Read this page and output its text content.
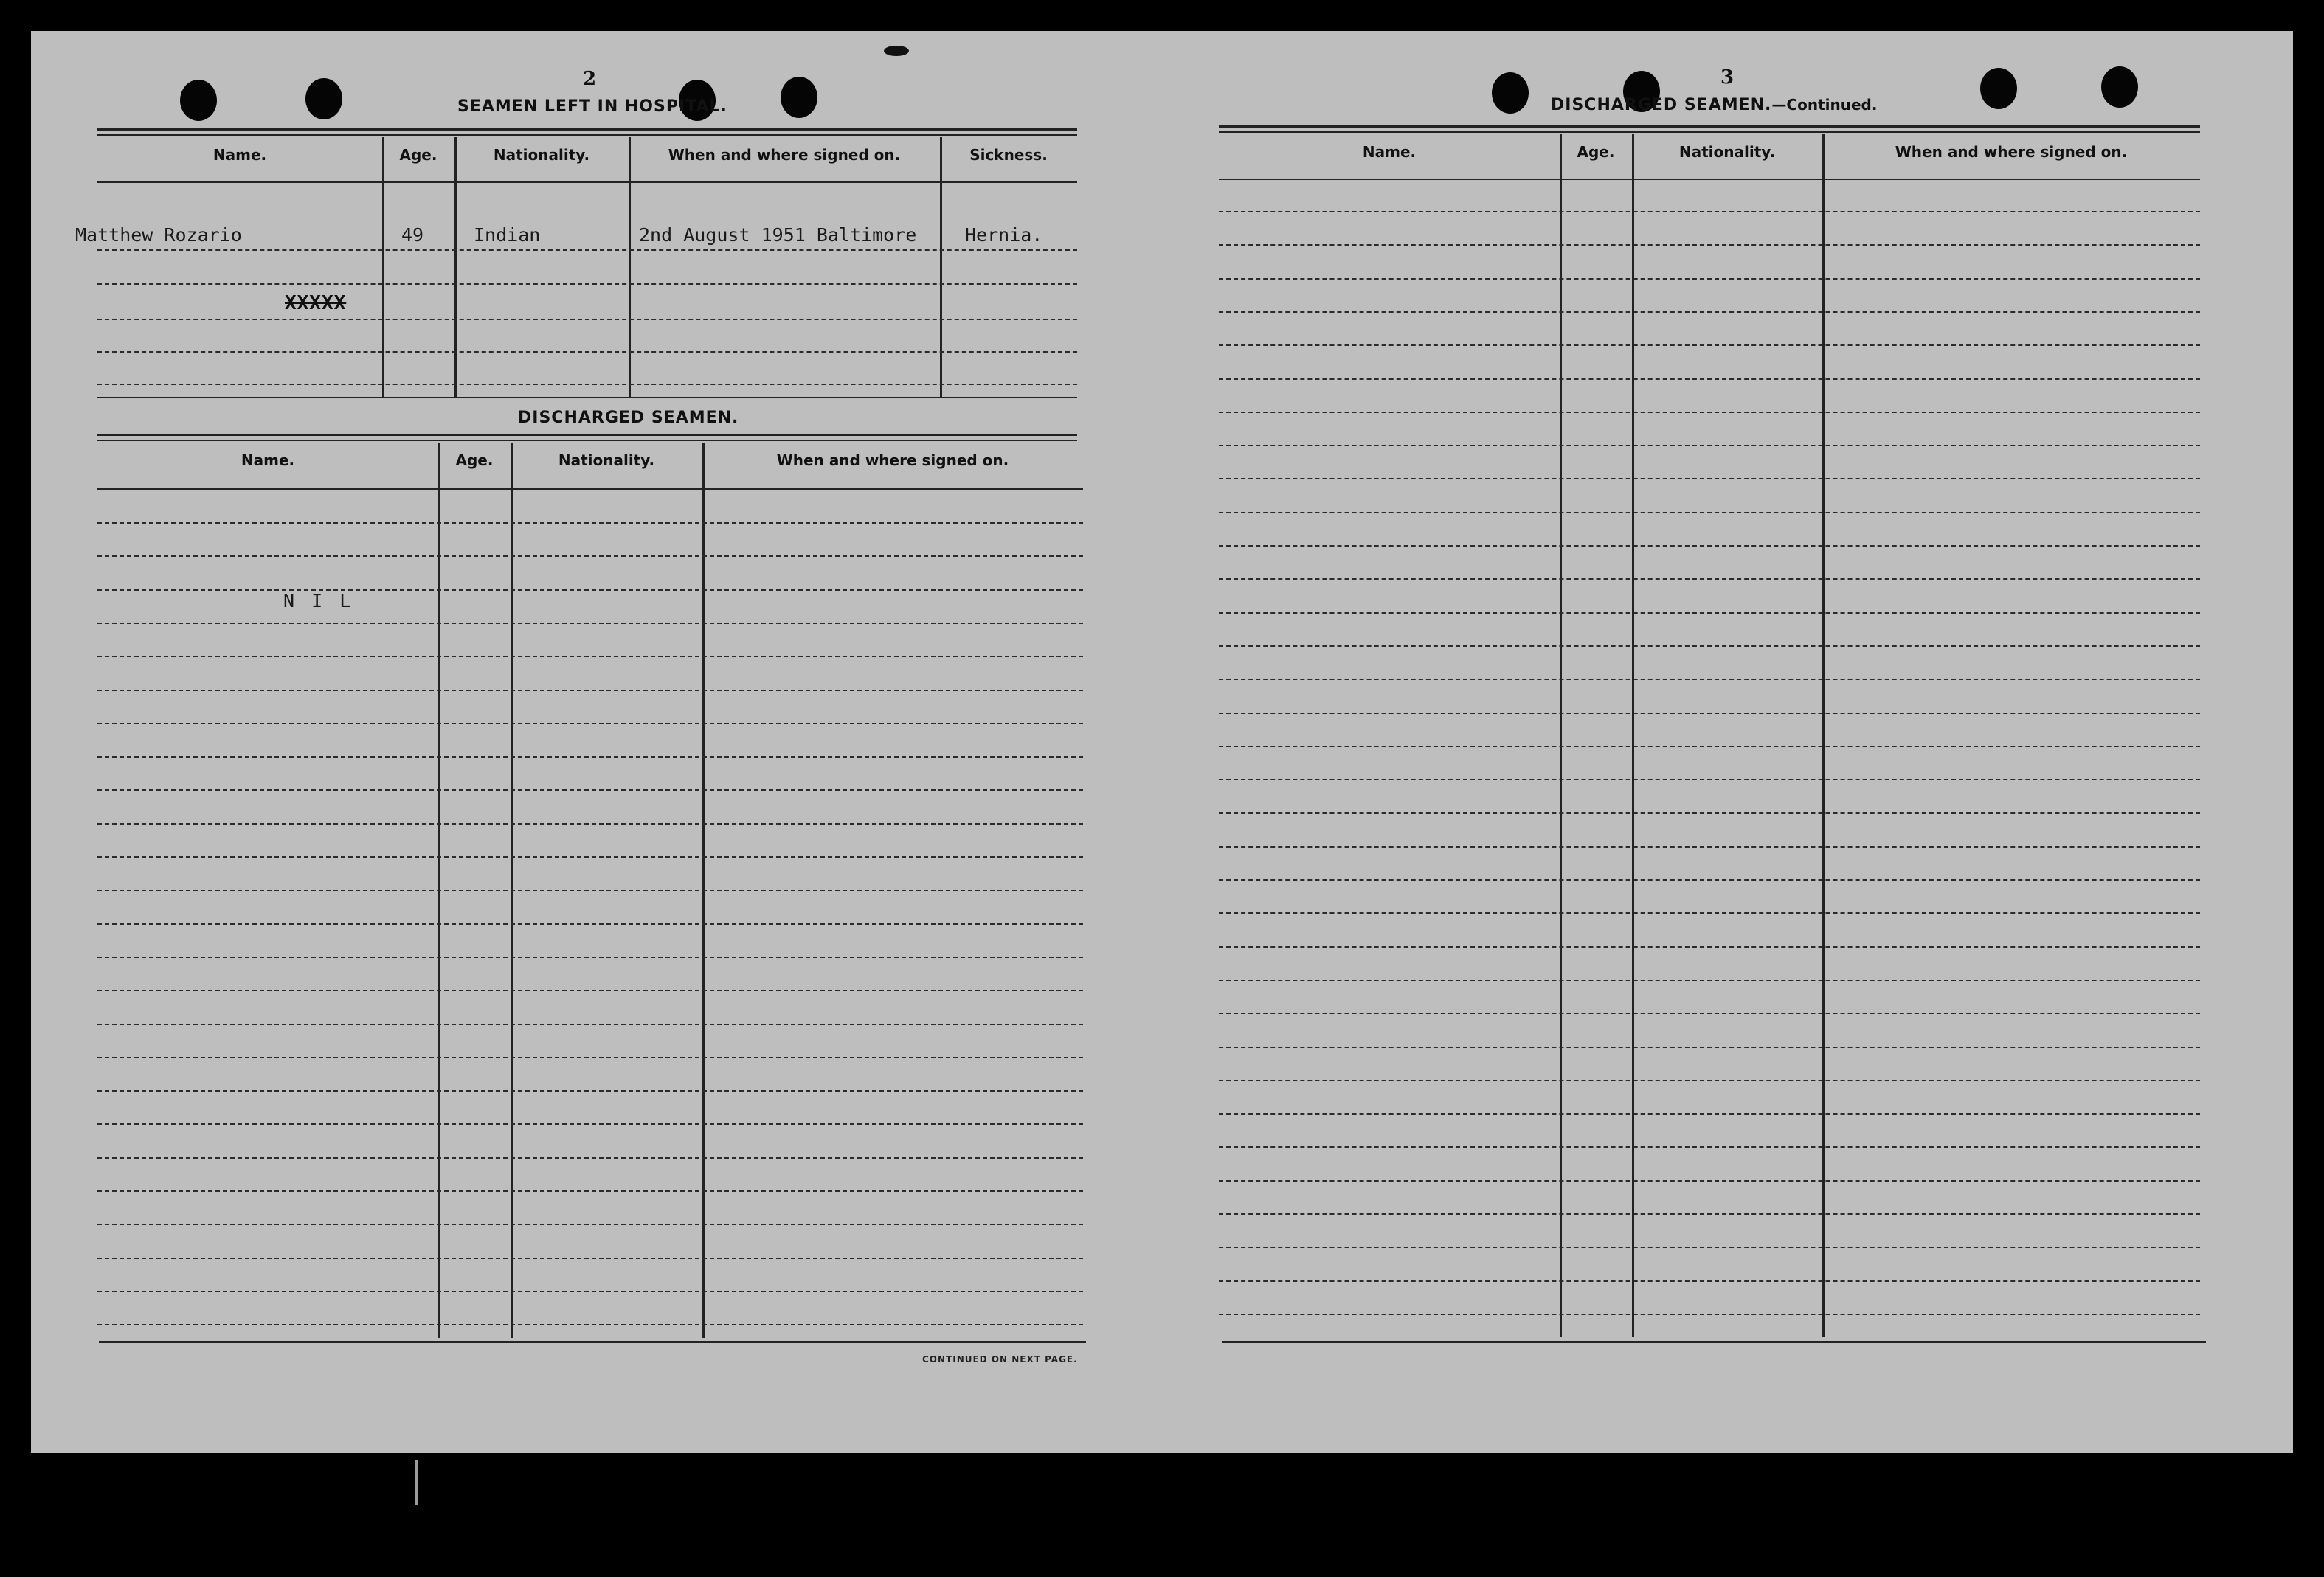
2
SEAMEN LEFT IN HOSPITAL.
Name.	Age.	Nationality.	When and where signed on.	Sickness.
Matthew Rozario	49	Indian	2nd August 1951 Baltimore	Hernia.
XXXXX
DISCHARGED SEAMEN.
Name.	Age.	Nationality.	When and where signed on.
N I L
CONTINUED ON NEXT PAGE.
3
DISCHARGED SEAMEN.—Continued.
Name.	Age.	Nationality.	When and where signed on.
